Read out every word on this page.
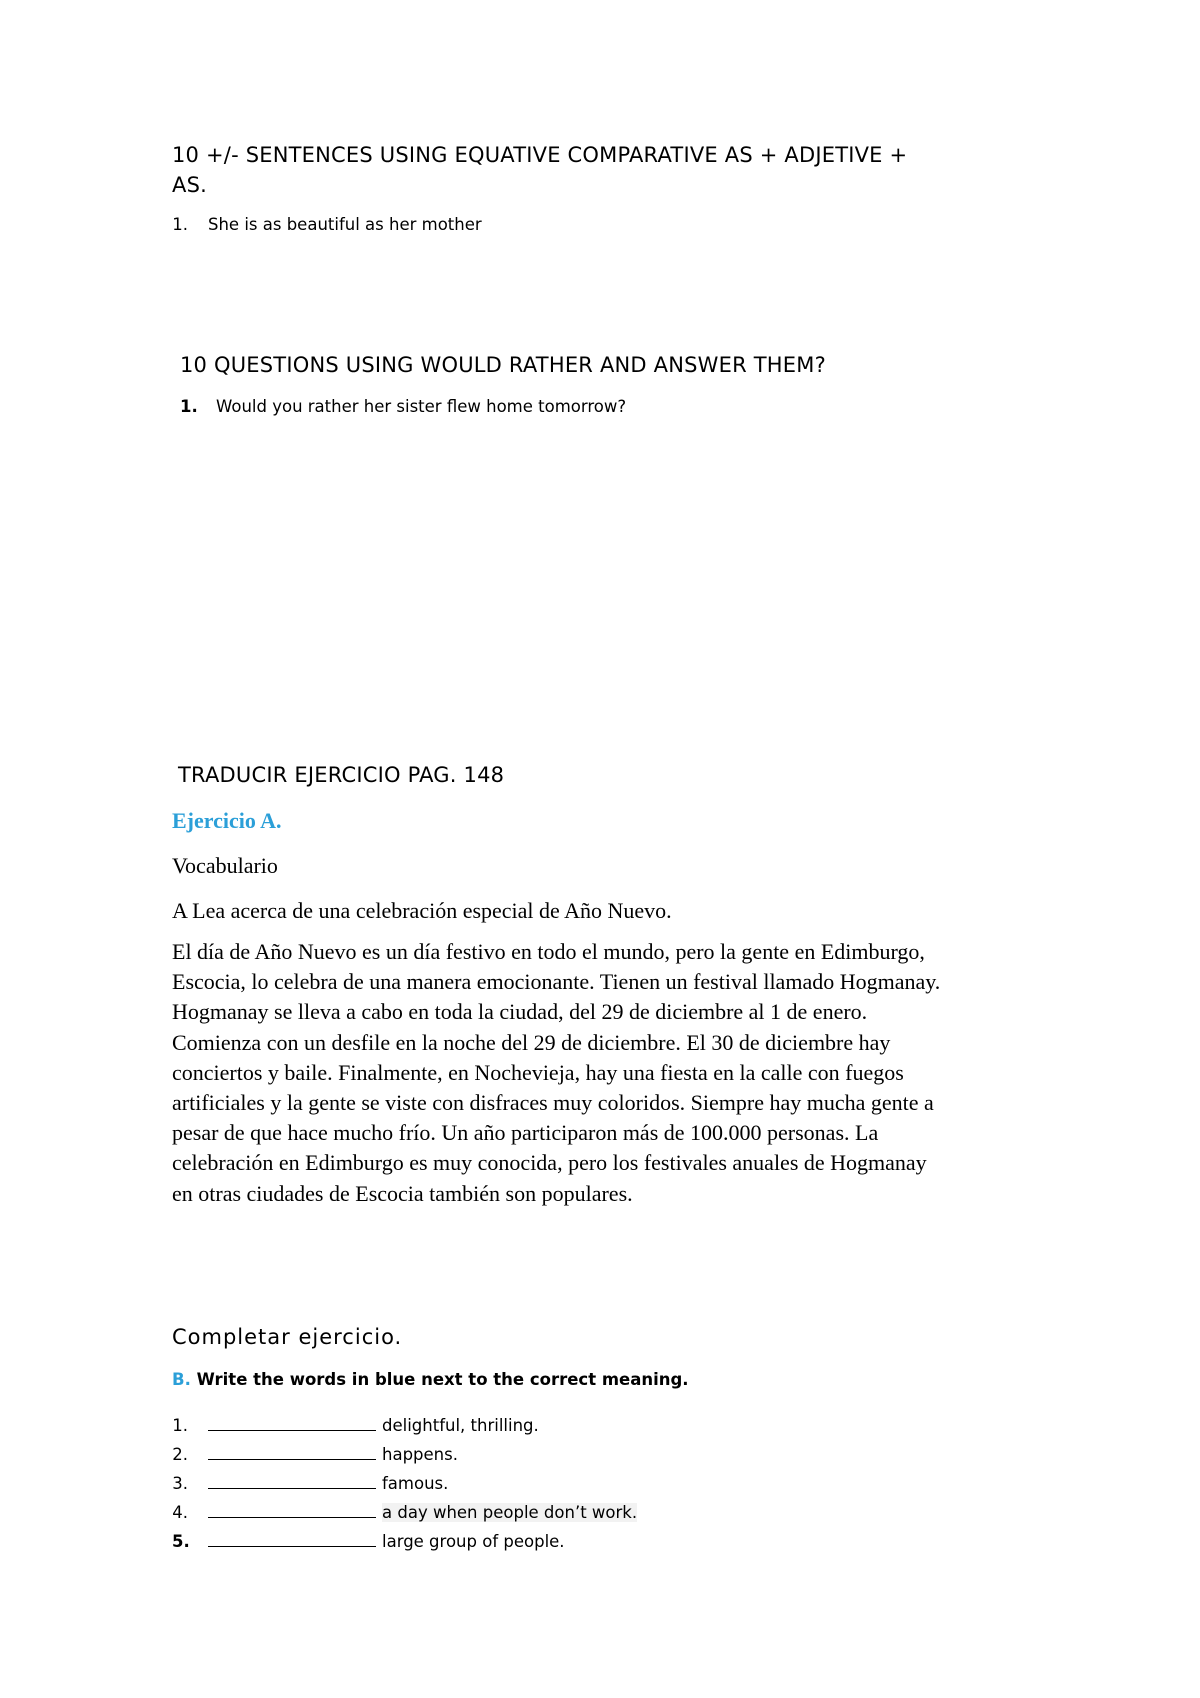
10 +/- SENTENCES USING EQUATIVE COMPARATIVE AS + ADJETIVE +
AS.
1.	She is as beautiful as her mother
10 QUESTIONS USING WOULD RATHER AND ANSWER THEM?
1.	Would you rather her sister flew home tomorrow?
TRADUCIR EJERCICIO PAG. 148

Ejercicio A.

Vocabulario

A Lea acerca de una celebración especial de Año Nuevo.

El día de Año Nuevo es un día festivo en todo el mundo, pero la gente en Edimburgo,
Escocia, lo celebra de una manera emocionante. Tienen un festival llamado Hogmanay.
Hogmanay se lleva a cabo en toda la ciudad, del 29 de diciembre al 1 de enero.
Comienza con un desfile en la noche del 29 de diciembre. El 30 de diciembre hay
conciertos y baile. Finalmente, en Nochevieja, hay una fiesta en la calle con fuegos
artificiales y la gente se viste con disfraces muy coloridos. Siempre hay mucha gente a
pesar de que hace mucho frío. Un año participaron más de 100.000 personas. La
celebración en Edimburgo es muy conocida, pero los festivales anuales de Hogmanay
en otras ciudades de Escocia también son populares.
Completar ejercicio.

B. Write the words in blue next to the correct meaning.

1.	delightful, thrilling.
2.	happens.
3.	famous.
4.	a day when people don’t work.
5.	large group of people.
